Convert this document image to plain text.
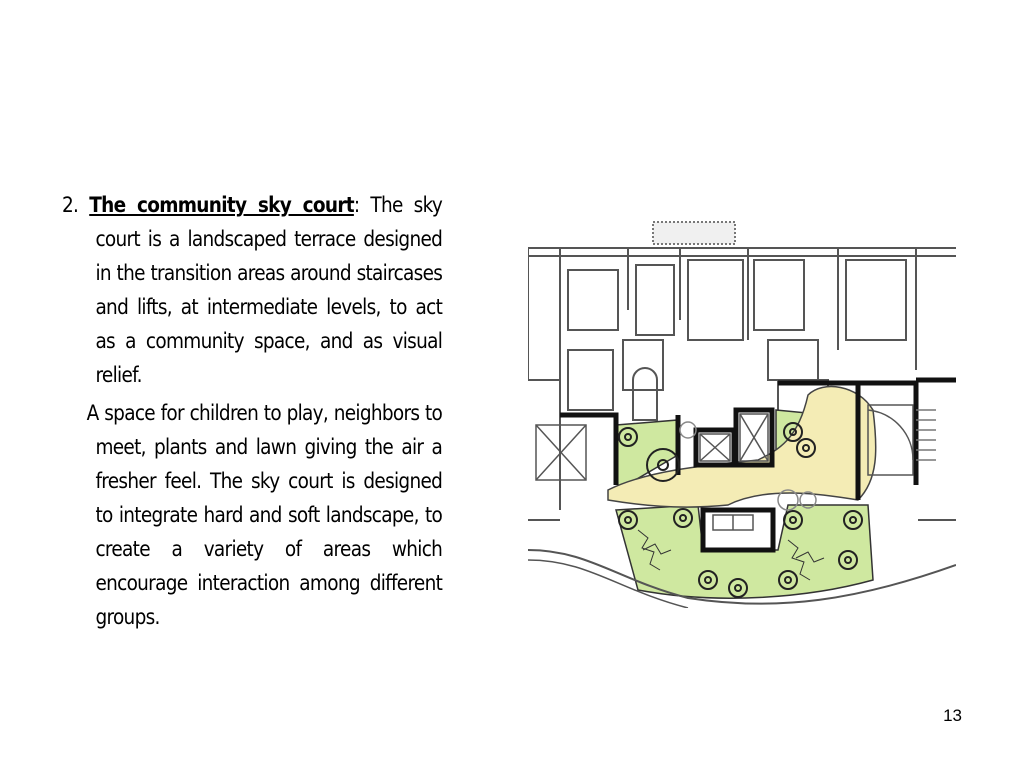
2. The community sky court: The sky court is a landscaped terrace designed in the transition areas around staircases and lifts, at intermediate levels, to act as a community space, and as visual relief.

A space for children to play, neighbors to meet, plants and lawn giving the air a fresher feel. The sky court is designed to integrate hard and soft landscape, to create a variety of areas which encourage interaction among different groups.

13
